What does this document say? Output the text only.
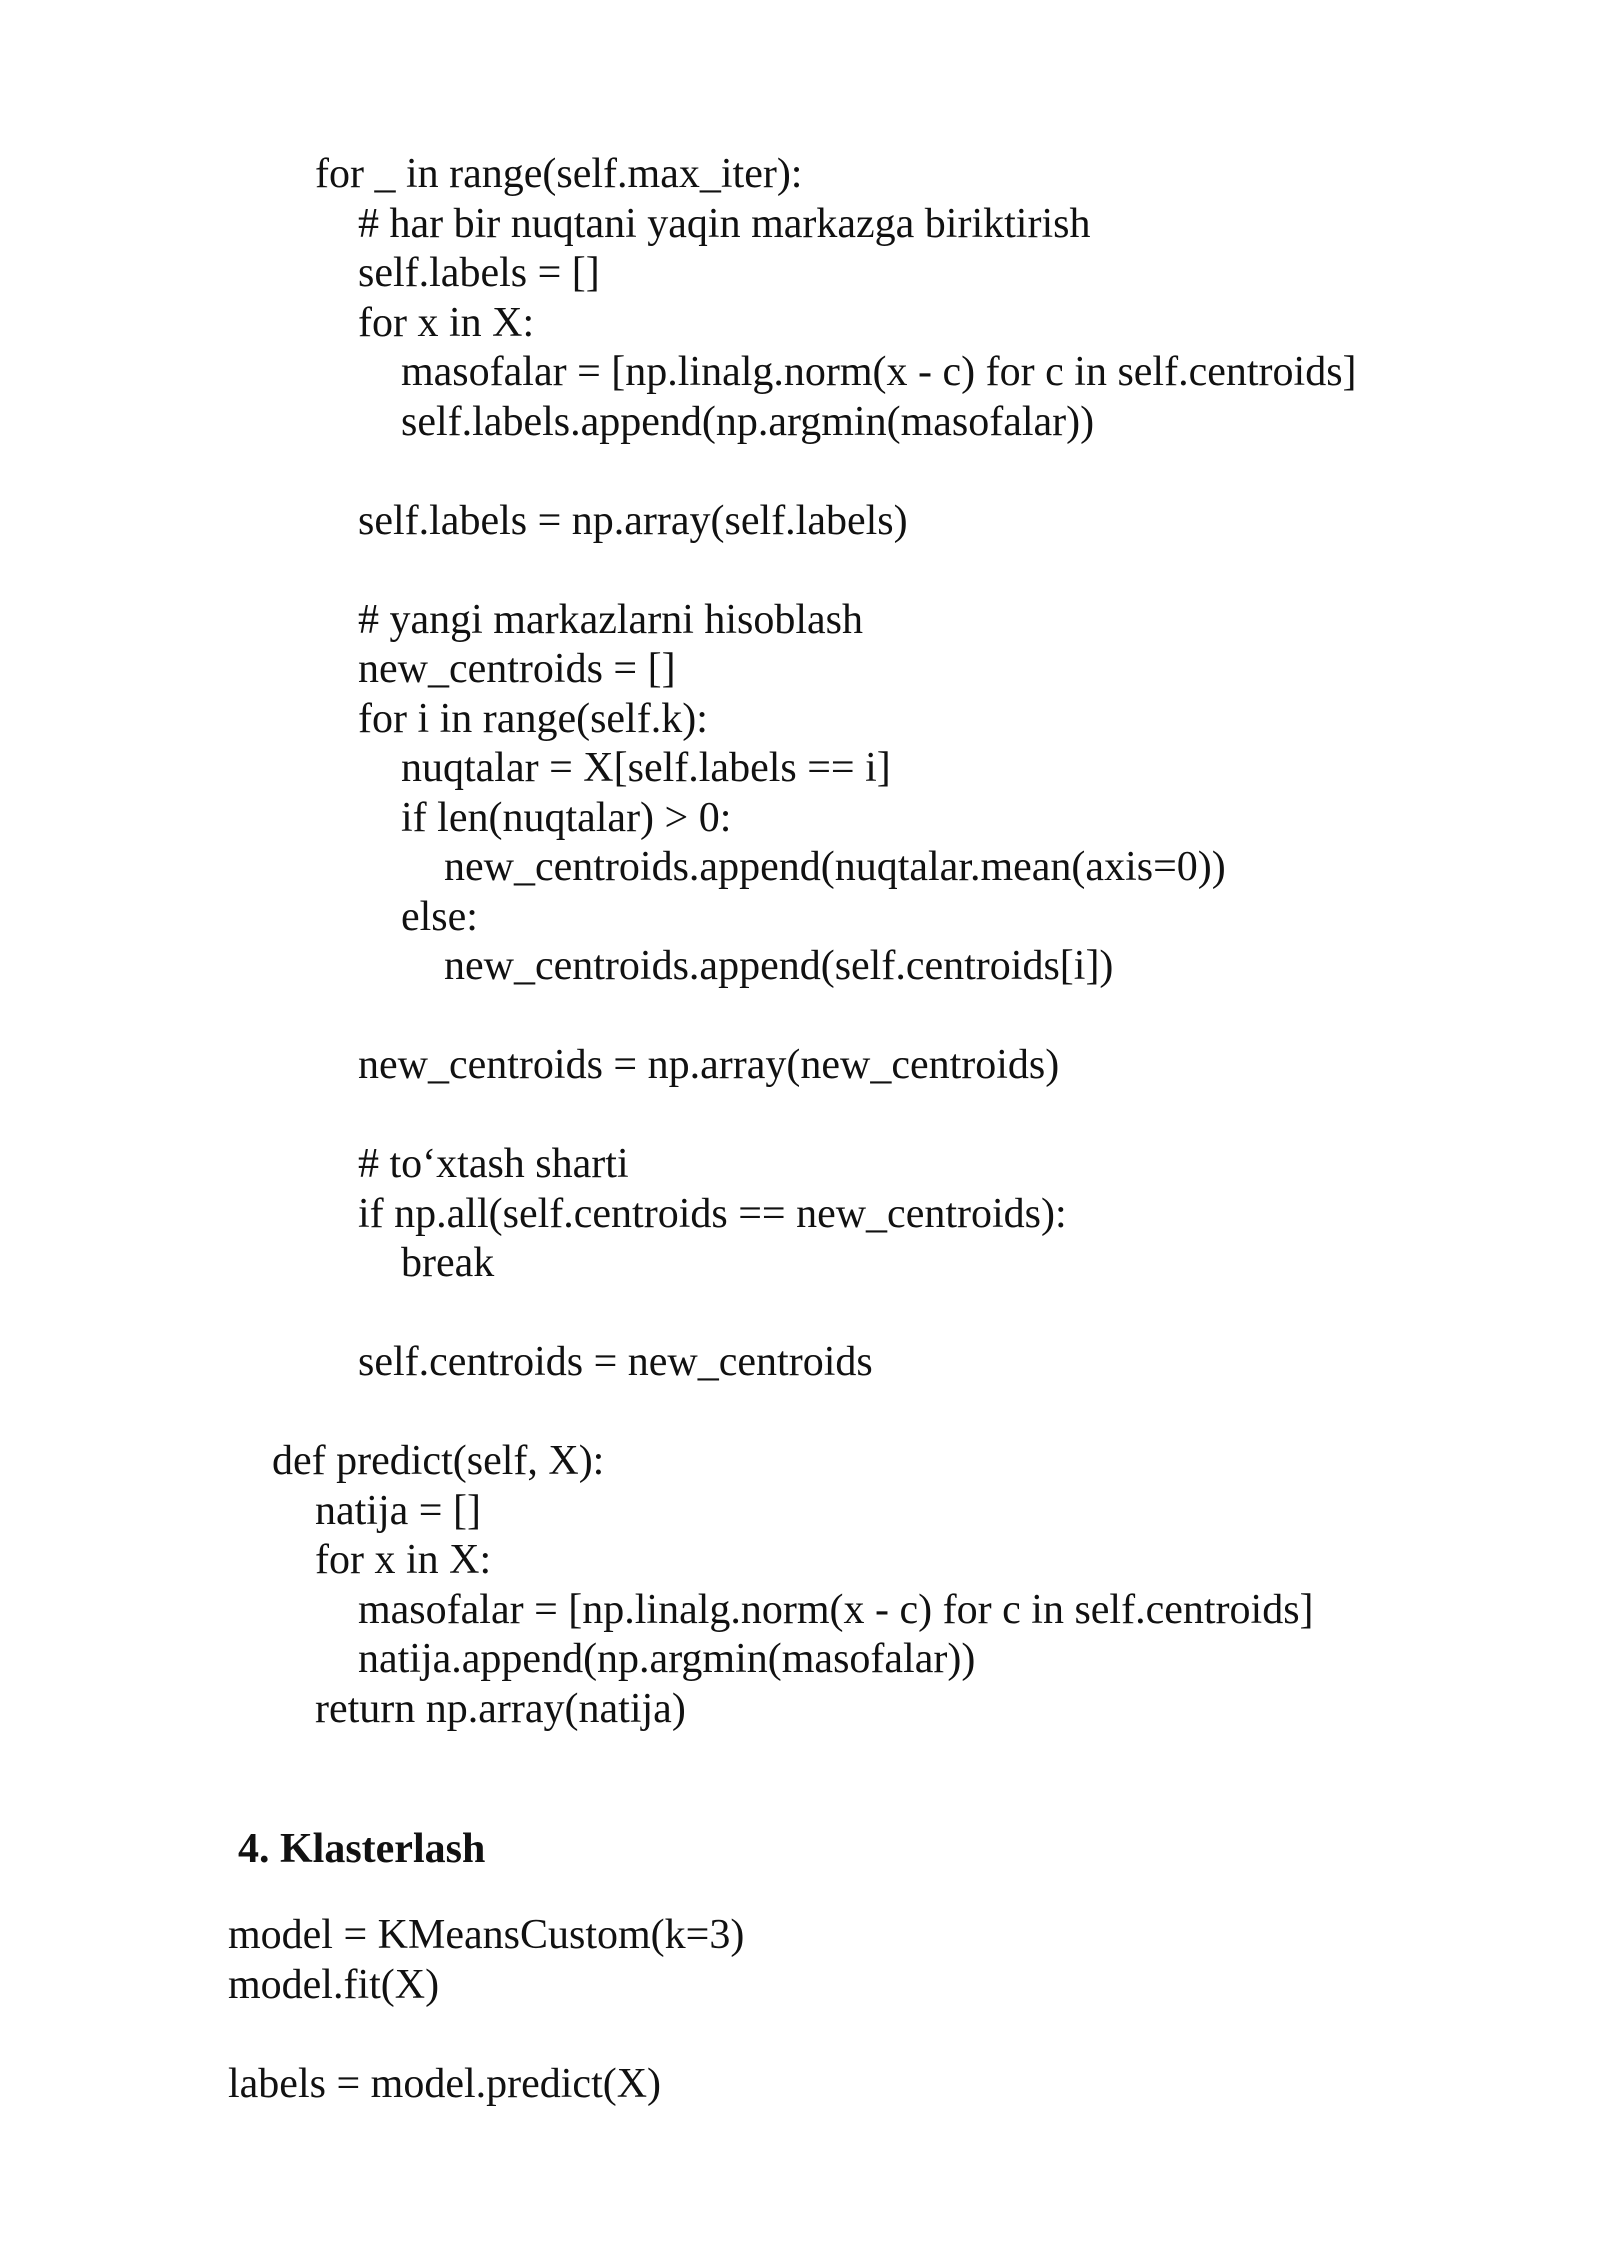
for _ in range(self.max_iter):
# har bir nuqtani yaqin markazga biriktirish
self.labels = []
for x in X:
masofalar = [np.linalg.norm(x - c) for c in self.centroids]
self.labels.append(np.argmin(masofalar))
self.labels = np.array(self.labels)
# yangi markazlarni hisoblash
new_centroids = []
for i in range(self.k):
nuqtalar = X[self.labels == i]
if len(nuqtalar) > 0:
new_centroids.append(nuqtalar.mean(axis=0))
else:
new_centroids.append(self.centroids[i])
new_centroids = np.array(new_centroids)
# to‘xtash sharti
if np.all(self.centroids == new_centroids):
break
self.centroids = new_centroids
def predict(self, X):
natija = []
for x in X:
masofalar = [np.linalg.norm(x - c) for c in self.centroids]
natija.append(np.argmin(masofalar))
return np.array(natija)
4. Klasterlash
model = KMeansCustom(k=3)
model.fit(X)
labels = model.predict(X)
